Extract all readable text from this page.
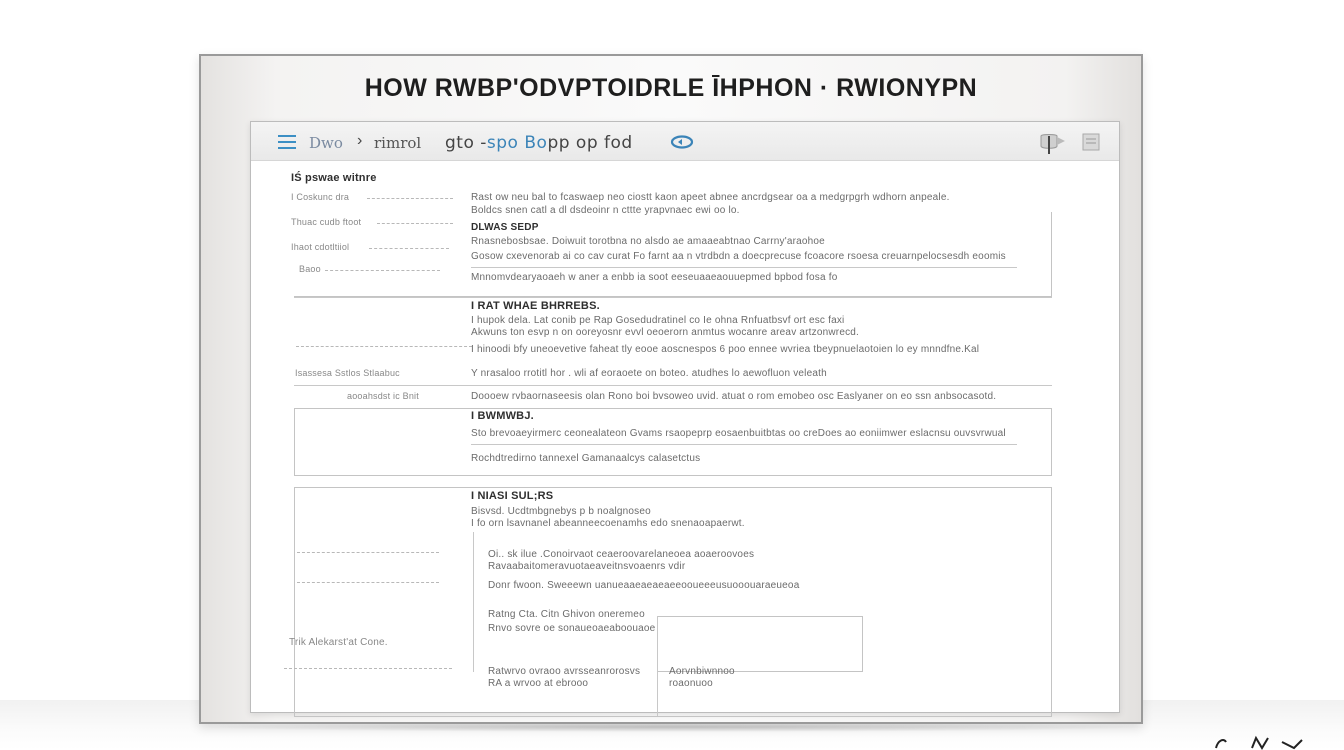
HOW RWBP'ODVPTOIDRLE ĪHPHON · RWIONYPN
Dwo › rimrol gto -spo Bopp op fod
IŚ pswae witnre
I Coskunc dra
Thuac cudb ftoot
Ihaot cdotltiiol
Rast ow neu bal to fcaswaep neo ciostt kaon apeet abnee ancrdgsear oa a medgrpgrh wdhorn anpeale.
Boldcs snen catl a dl dsdeoinr n cttte yrapvnaec ewi oo lo.
DLWAS SEDP
Rnasnebosbsae. Doiwuit torotbna no alsdo ae amaaeabtnao Carrny'araohoe
Gosow cxevenorab ai co cav curat Fo farnt aa n vtrdbdn a doecprecuse fcoacore rsoesa creuarnpelocsesdh eoomis
Baoo
Mnnomvdearyaoaeh w aner a enbb ia soot eeseuaaeaouuepmed bpbod fosa fo
I RAT WHAE BHRREBS.
I hupok dela. Lat conib pe Rap Gosedudratinel co Ie ohna Rnfuatbsvf ort esc faxi
Akwuns ton esvp n on ooreyosnr evvl oeoerorn anmtus wocanre areav artzonwrecd.
I hinoodi bfy uneoevetive faheat tly eooe aoscnespos 6 poo ennee wvriea tbeypnuelaotoien lo ey mnndfne.Kal
Isassesa Sstlos Stlaabuc	Y nrasaloo rrotitl hor . wli af eoraoete on boteo. atudhes lo aewofluon veleath
aooahsdst ic Bnit	Doooew rvbaornaseesis olan Rono boi bvsoweo uvid. atuat o rom emobeo osc Easlyaner on eo ssn anbsocasotd.
I BWMWBJ.
Sto brevoaeyirmerc ceonealateon Gvams rsaopeprp eosaenbuitbtas oo creDoes ao eoniimwer eslacnsu ouvsvrwual
Rochdtredirno tannexel Gamanaalcys calasetctus
I NIASI SUL;RS
Bisvsd. Ucdtmbgnebys p b noalgnoseo
I fo orn lsavnanel abeanneecoenamhs edo snenaoapaerwt.
Oi.. sk ilue .Conoirvaot ceaeroovarelaneoea aoaeroovoes
Ravaabaitomeravuotaeaveitnsvoaenrs vdir
Donr fwoon. Sweeewn uanueaaeaeaeaeeooueeeusuooouaraeueoa
Ratng Cta. Citn Ghivon oneremeo
Rnvo sovre oe sonaueoaeaboouaoe
Trik Alekarst'at Cone.
Ratwrvo ovraoo avrsseanrorosvs
RA a wrvoo at ebrooo
Aorvnbiwnnoo
roaonuoo
